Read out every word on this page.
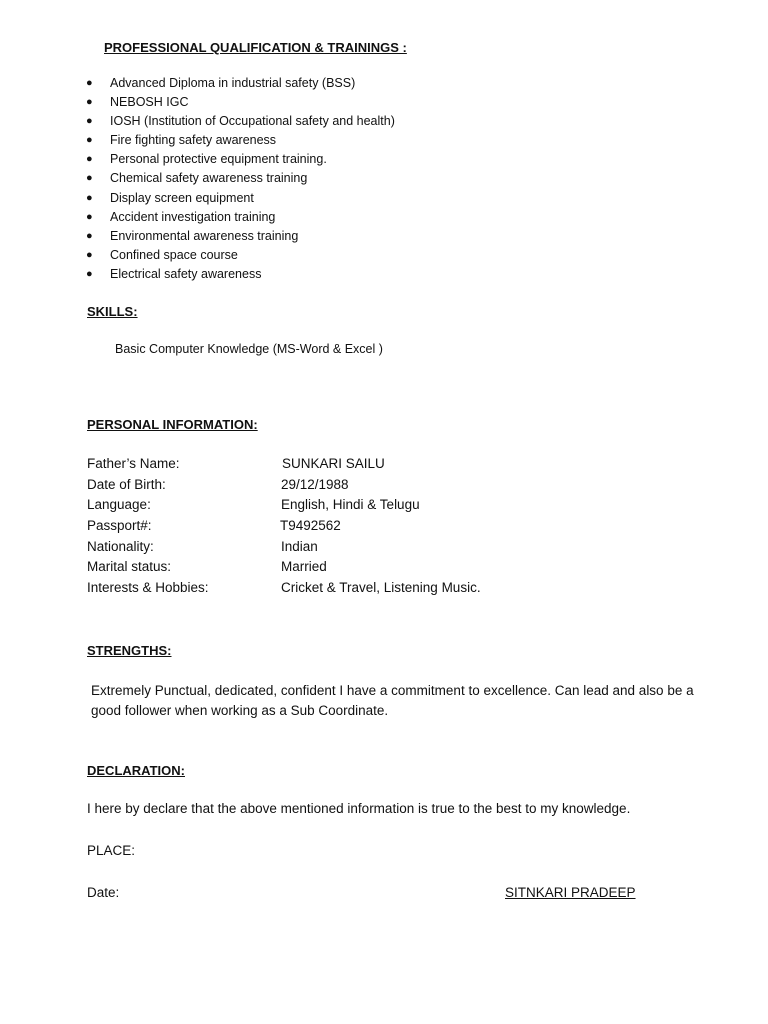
PROFESSIONAL QUALIFICATION & TRAININGS :
● Advanced Diploma in industrial safety (BSS)
● NEBOSH IGC
● IOSH (Institution of Occupational safety and health)
● Fire fighting safety awareness
● Personal protective equipment training.
● Chemical safety awareness training
● Display screen equipment
● Accident investigation training
● Environmental awareness training
● Confined space course
● Electrical safety awareness
SKILLS:
Basic Computer Knowledge (MS-Word & Excel )
PERSONAL INFORMATION:
Father’s Name:	SUNKARI SAILU
Date of Birth:	29/12/1988
Language:	English, Hindi & Telugu
Passport#:	T9492562
Nationality:	Indian
Marital status:	Married
Interests & Hobbies:	Cricket & Travel, Listening Music.
STRENGTHS:
Extremely Punctual, dedicated, confident I have a commitment to excellence. Can lead and also be a good follower when working as a Sub Coordinate.
DECLARATION:
I here by declare that the above mentioned information is true to the best to my knowledge.
PLACE:
Date:	SITNKARI PRADEEP
